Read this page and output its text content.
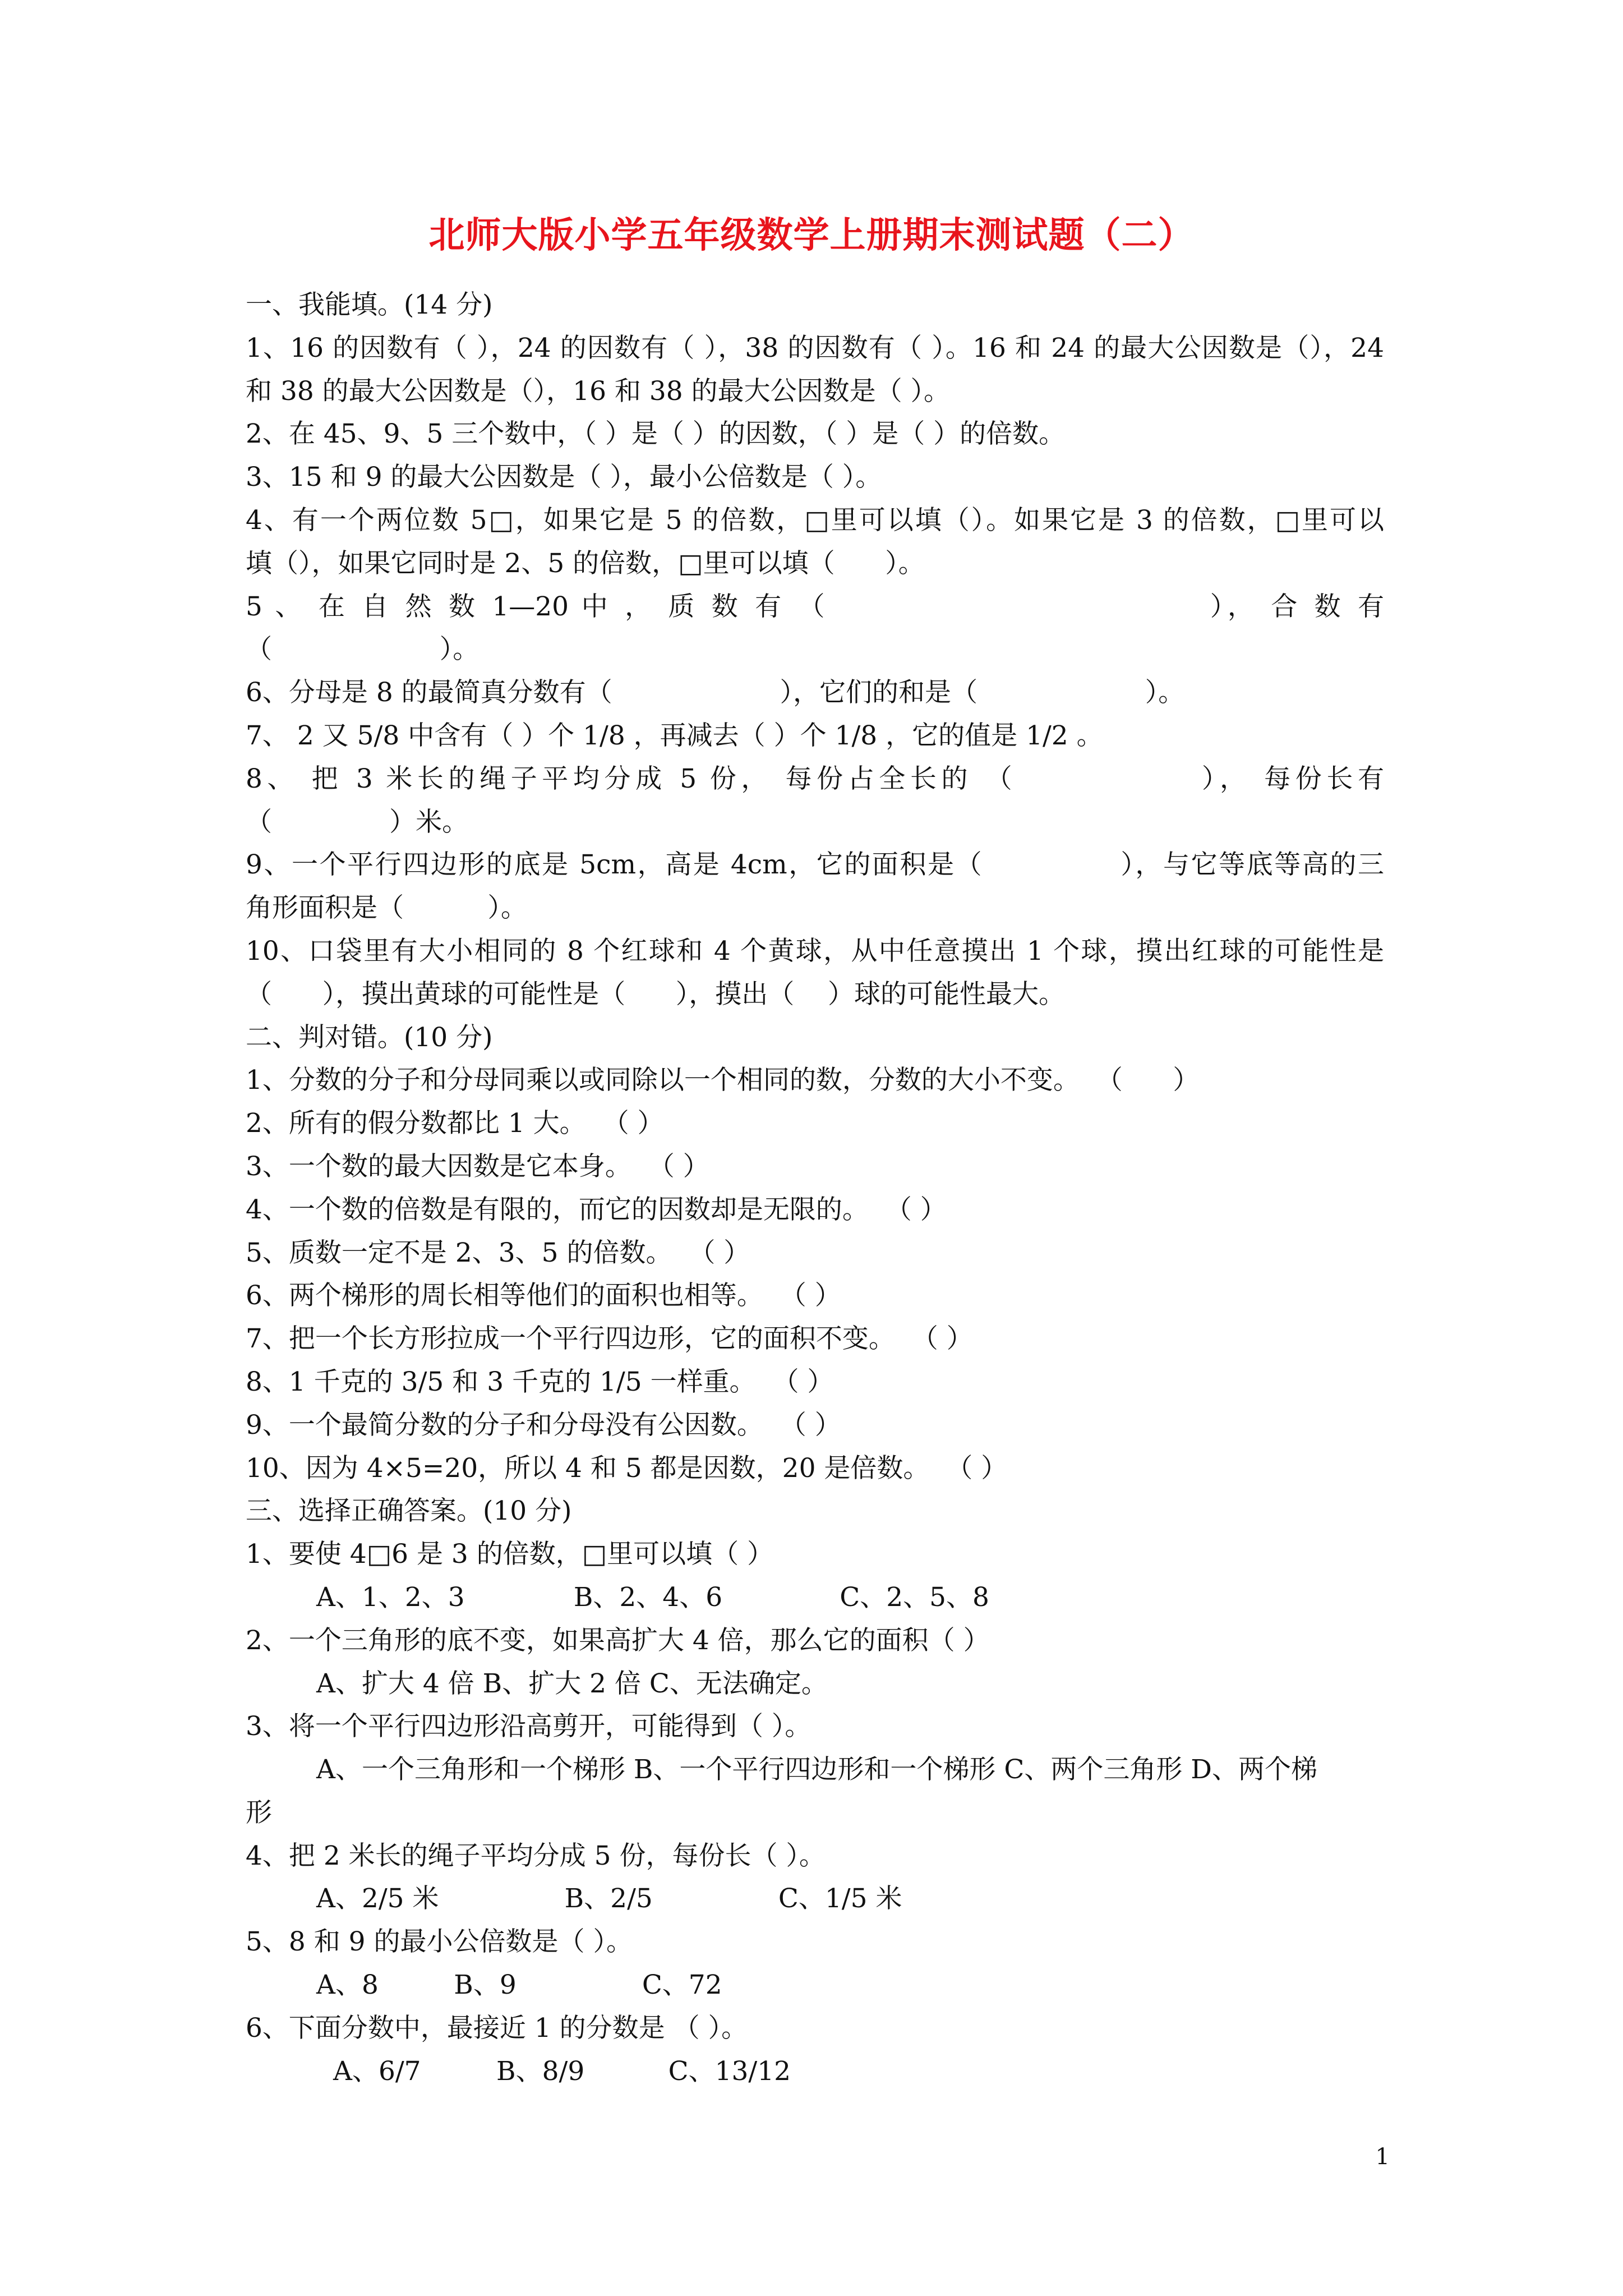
北师大版小学五年级数学上册期末测试题（二）
一、我能填。(14 分)
1、16 的因数有（ ），24 的因数有（ ），38 的因数有（ ）。16 和 24 的最大公因数是（），24
和 38 的最大公因数是（），16 和 38 的最大公因数是（ ）。
2、在 45、9、5 三个数中，（ ）是（ ）的因数，（ ）是（ ）的倍数。
3、15 和 9 的最大公因数是（ ），最小公倍数是（ ）。
4、有一个两位数 5□，如果它是 5 的倍数，□里可以填（）。如果它是 3 的倍数，□里可以
填（），如果它同时是 2、5 的倍数，□里可以填（      ）。
5 、 在 自 然 数 1—20 中 ， 质 数 有 （                              ）， 合 数 有
（                    ）。
6、分母是 8 的最简真分数有（                    ），它们的和是（                    ）。
7、 2 又 5/8 中含有（ ）个 1/8 ，再减去（ ）个 1/8 ，它的值是 1/2 。
8、 把 3 米长的绳子平均分成 5 份， 每份占全长的 （              ）， 每份长有
（              ）米。
9、一个平行四边形的底是 5cm，高是 4cm，它的面积是（              ），与它等底等高的三
角形面积是（          ）。
10、口袋里有大小相同的 8 个红球和 4 个黄球，从中任意摸出 1 个球，摸出红球的可能性是
（      ），摸出黄球的可能性是（      ），摸出（    ）球的可能性最大。
二、判对错。(10 分)
1、分数的分子和分母同乘以或同除以一个相同的数，分数的大小不变。  （      ）
2、所有的假分数都比 1 大。  （ ）
3、一个数的最大因数是它本身。  （ ）
4、一个数的倍数是有限的，而它的因数却是无限的。  （ ）
5、质数一定不是 2、3、5 的倍数。  （ ）
6、两个梯形的周长相等他们的面积也相等。  （ ）
7、把一个长方形拉成一个平行四边形，它的面积不变。  （ ）
8、1 千克的 3/5 和 3 千克的 1/5 一样重。  （ ）
9、一个最简分数的分子和分母没有公因数。  （ ）
10、因为 4×5=20，所以 4 和 5 都是因数，20 是倍数。  （ ）
三、选择正确答案。(10 分)
1、要使 4□6 是 3 的倍数，□里可以填（ ）
A、1、2、3             B、2、4、6              C、2、5、8
2、一个三角形的底不变，如果高扩大 4 倍，那么它的面积（ ）
A、扩大 4 倍 B、扩大 2 倍 C、无法确定。
3、将一个平行四边形沿高剪开，可能得到（ ）。
A、一个三角形和一个梯形 B、一个平行四边形和一个梯形 C、两个三角形 D、两个梯
形
4、把 2 米长的绳子平均分成 5 份，每份长（ ）。
A、2/5 米               B、2/5               C、1/5 米
5、8 和 9 的最小公倍数是（ ）。
A、8         B、9               C、72
6、下面分数中，最接近 1 的分数是 （ ）。
A、6/7         B、8/9          C、13/12
1
